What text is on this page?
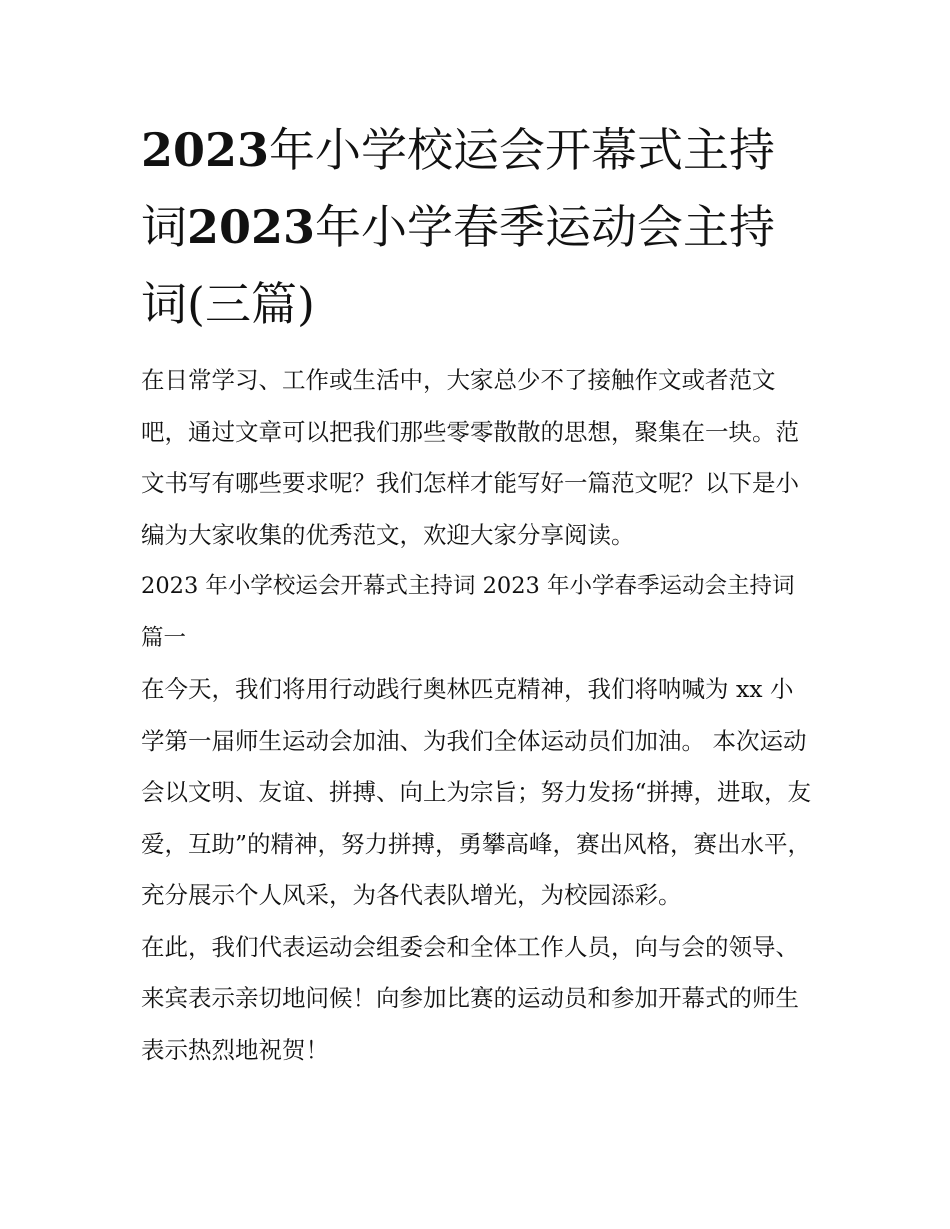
2023年小学校运会开幕式主持词2023年小学春季运动会主持词(三篇)

在日常学习、工作或生活中，大家总少不了接触作文或者范文吧，通过文章可以把我们那些零零散散的思想，聚集在一块。范文书写有哪些要求呢？我们怎样才能写好一篇范文呢？以下是小编为大家收集的优秀范文，欢迎大家分享阅读。

2023 年小学校运会开幕式主持词 2023 年小学春季运动会主持词篇一

在今天，我们将用行动践行奥林匹克精神，我们将呐喊为 xx 小学第一届师生运动会加油、为我们全体运动员们加油。 本次运动会以文明、友谊、拼搏、向上为宗旨；努力发扬“拼搏，进取，友爱，互助”的精神，努力拼搏，勇攀高峰，赛出风格，赛出水平，充分展示个人风采，为各代表队增光，为校园添彩。

在此，我们代表运动会组委会和全体工作人员，向与会的领导、来宾表示亲切地问候！向参加比赛的运动员和参加开幕式的师生表示热烈地祝贺！
